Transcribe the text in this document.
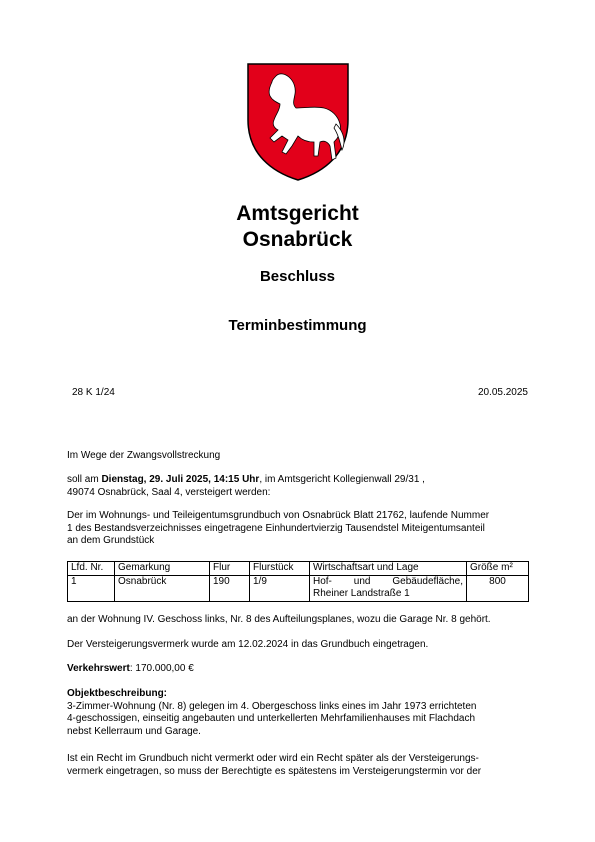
Amtsgericht
Osnabrück
Beschluss
Terminbestimmung
28 K 1/24	20.05.2025
Im Wege der Zwangsvollstreckung
soll am Dienstag, 29. Juli 2025, 14:15 Uhr, im Amtsgericht Kollegienwall 29/31 ,
49074 Osnabrück, Saal 4, versteigert werden:
Der im Wohnungs- und Teileigentumsgrundbuch von Osnabrück Blatt 21762, laufende Nummer
1 des Bestandsverzeichnisses eingetragene Einhundertvierzig Tausendstel Miteigentumsanteil
an dem Grundstück
Lfd. Nr.	Gemarkung	Flur	Flurstück	Wirtschaftsart und Lage	Größe m²
1	Osnabrück	190	1/9	Hof- und Gebäudefläche,
Rheiner Landstraße 1	800
an der Wohnung IV. Geschoss links, Nr. 8 des Aufteilungsplanes, wozu die Garage Nr. 8 gehört.
Der Versteigerungsvermerk wurde am 12.02.2024 in das Grundbuch eingetragen.
Verkehrswert: 170.000,00 €
Objektbeschreibung:
3-Zimmer-Wohnung (Nr. 8) gelegen im 4. Obergeschoss links eines im Jahr 1973 errichteten
4-geschossigen, einseitig angebauten und unterkellerten Mehrfamilienhauses mit Flachdach
nebst Kellerraum und Garage.
Ist ein Recht im Grundbuch nicht vermerkt oder wird ein Recht später als der Versteigerungs-
vermerk eingetragen, so muss der Berechtigte es spätestens im Versteigerungstermin vor der
